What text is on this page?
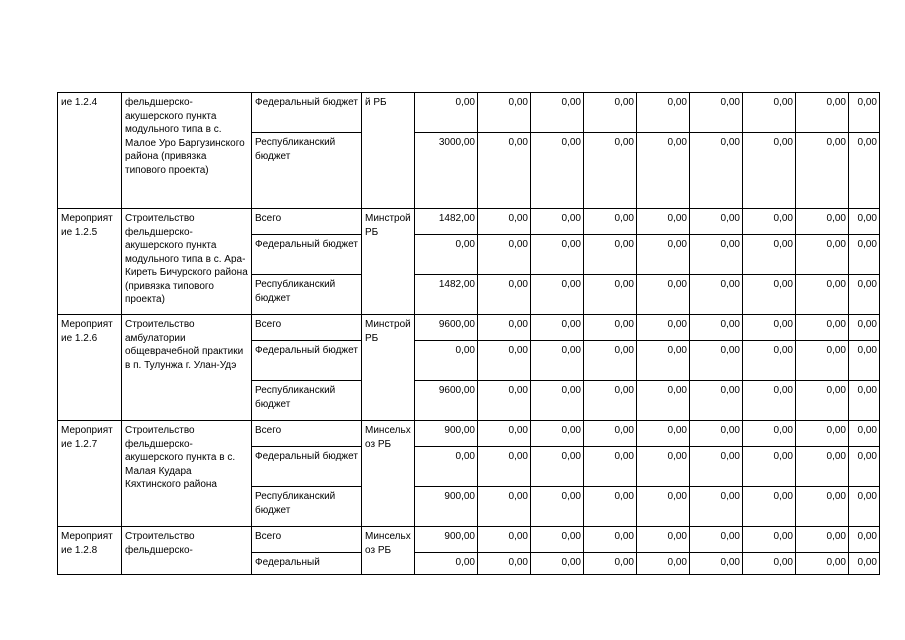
ие 1.2.4	фельдшерско-акушерского пункта модульного типа в с. Малое Уро Баргузинского района (привязка типового проекта)	Федеральный бюджет	й РБ	0,00	0,00	0,00	0,00	0,00	0,00	0,00	0,00	0,00
		Республиканский бюджет		3000,00	0,00	0,00	0,00	0,00	0,00	0,00	0,00	0,00
Мероприятие 1.2.5	Строительство фельдшерско-акушерского пункта модульного типа в с. Ара-Киреть Бичурского района (привязка типового проекта)	Всего	Минстрой РБ	1482,00	0,00	0,00	0,00	0,00	0,00	0,00	0,00	0,00
		Федеральный бюджет		0,00	0,00	0,00	0,00	0,00	0,00	0,00	0,00	0,00
		Республиканский бюджет		1482,00	0,00	0,00	0,00	0,00	0,00	0,00	0,00	0,00
Мероприятие 1.2.6	Строительство амбулатории общеврачебной практики в п. Тулунжа г. Улан-Удэ	Всего	Минстрой РБ	9600,00	0,00	0,00	0,00	0,00	0,00	0,00	0,00	0,00
		Федеральный бюджет		0,00	0,00	0,00	0,00	0,00	0,00	0,00	0,00	0,00
		Республиканский бюджет		9600,00	0,00	0,00	0,00	0,00	0,00	0,00	0,00	0,00
Мероприятие 1.2.7	Строительство фельдшерско-акушерского пункта в с. Малая Кудара Кяхтинского района	Всего	Минсельхоз РБ	900,00	0,00	0,00	0,00	0,00	0,00	0,00	0,00	0,00
		Федеральный бюджет		0,00	0,00	0,00	0,00	0,00	0,00	0,00	0,00	0,00
		Республиканский бюджет		900,00	0,00	0,00	0,00	0,00	0,00	0,00	0,00	0,00
Мероприятие 1.2.8	Строительство фельдшерско-	Всего	Минсельхоз РБ	900,00	0,00	0,00	0,00	0,00	0,00	0,00	0,00	0,00
		Федеральный		0,00	0,00	0,00	0,00	0,00	0,00	0,00	0,00	0,00
